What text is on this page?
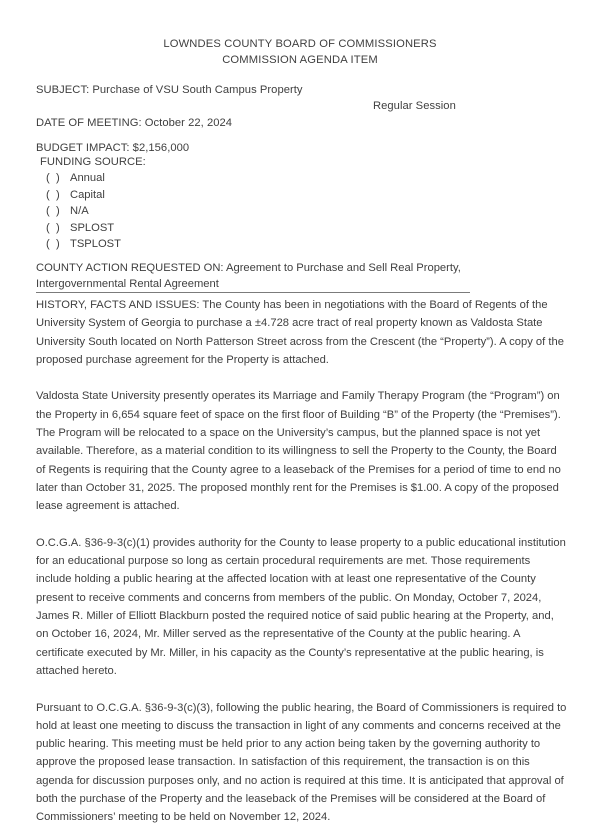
LOWNDES COUNTY BOARD OF COMMISSIONERS
COMMISSION AGENDA ITEM
SUBJECT: Purchase of VSU South Campus Property
Regular Session
DATE OF MEETING: October 22, 2024
BUDGET IMPACT: $2,156,000
FUNDING SOURCE:
(  ) Annual
(  ) Capital
(  ) N/A
(  ) SPLOST
(  ) TSPLOST
COUNTY ACTION REQUESTED ON: Agreement to Purchase and Sell Real Property,
Intergovernmental Rental Agreement

HISTORY, FACTS AND ISSUES: The County has been in negotiations with the Board of Regents of the University System of Georgia to purchase a ±4.728 acre tract of real property known as Valdosta State University South located on North Patterson Street across from the Crescent (the “Property”). A copy of the proposed purchase agreement for the Property is attached.

Valdosta State University presently operates its Marriage and Family Therapy Program (the “Program”) on the Property in 6,654 square feet of space on the first floor of Building “B” of the Property (the “Premises”). The Program will be relocated to a space on the University’s campus, but the planned space is not yet available. Therefore, as a material condition to its willingness to sell the Property to the County, the Board of Regents is requiring that the County agree to a leaseback of the Premises for a period of time to end no later than October 31, 2025. The proposed monthly rent for the Premises is $1.00. A copy of the proposed lease agreement is attached.

O.C.G.A. §36-9-3(c)(1) provides authority for the County to lease property to a public educational institution for an educational purpose so long as certain procedural requirements are met. Those requirements include holding a public hearing at the affected location with at least one representative of the County present to receive comments and concerns from members of the public. On Monday, October 7, 2024, James R. Miller of Elliott Blackburn posted the required notice of said public hearing at the Property, and, on October 16, 2024, Mr. Miller served as the representative of the County at the public hearing. A certificate executed by Mr. Miller, in his capacity as the County’s representative at the public hearing, is attached hereto.

Pursuant to O.C.G.A. §36-9-3(c)(3), following the public hearing, the Board of Commissioners is required to hold at least one meeting to discuss the transaction in light of any comments and concerns received at the public hearing. This meeting must be held prior to any action being taken by the governing authority to approve the proposed lease transaction. In satisfaction of this requirement, the transaction is on this agenda for discussion purposes only, and no action is required at this time. It is anticipated that approval of both the purchase of the Property and the leaseback of the Premises will be considered at the Board of Commissioners’ meeting to be held on November 12, 2024.
